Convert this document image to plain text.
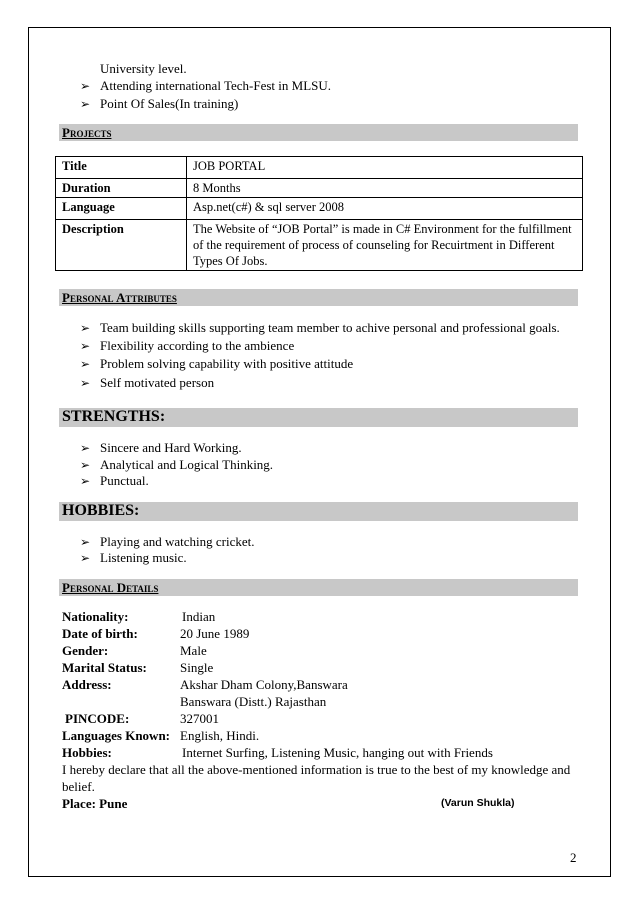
University level.
➢ Attending international Tech-Fest in MLSU.
➢ Point Of Sales(In training)
Projects
Title	JOB PORTAL
Duration	8 Months
Language	Asp.net(c#) & sql server 2008
Description	The Website of “JOB Portal” is made in C# Environment for the fulfillment of the requirement of process of counseling for Recuirtment in Different Types Of Jobs.
Personal Attributes
➢ Team building skills supporting team member to achive personal and professional goals.
➢ Flexibility according to the ambience
➢ Problem solving capability with positive attitude
➢ Self motivated person
STRENGTHS:
➢ Sincere and Hard Working.
➢ Analytical and Logical Thinking.
➢ Punctual.
HOBBIES:
➢ Playing and watching cricket.
➢ Listening music.
Personal Details
Nationality:	Indian
Date of birth:	20 June 1989
Gender:	Male
Marital Status:	Single
Address:	Akshar Dham Colony,Banswara
Banswara (Distt.) Rajasthan
PINCODE:	327001
Languages Known: English, Hindi.
Hobbies:	Internet Surfing, Listening Music, hanging out with Friends
I hereby declare that all the above-mentioned information is true to the best of my knowledge and
belief.
Place: Pune	(Varun Shukla)
2
